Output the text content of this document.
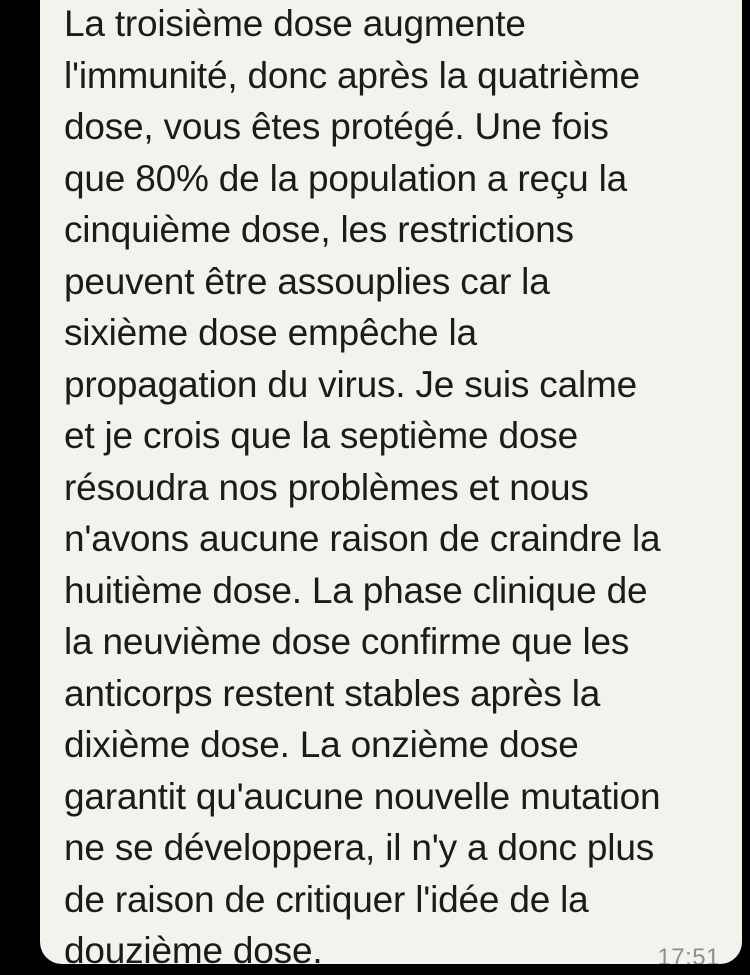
La troisième dose augmente
l'immunité, donc après la quatrième
dose, vous êtes protégé. Une fois
que 80% de la population a reçu la
cinquième dose, les restrictions
peuvent être assouplies car la
sixième dose empêche la
propagation du virus. Je suis calme
et je crois que la septième dose
résoudra nos problèmes et nous
n'avons aucune raison de craindre la
huitième dose. La phase clinique de
la neuvième dose confirme que les
anticorps restent stables après la
dixième dose. La onzième dose
garantit qu'aucune nouvelle mutation
ne se développera, il n'y a donc plus
de raison de critiquer l'idée de la
douzième dose.	17:51
